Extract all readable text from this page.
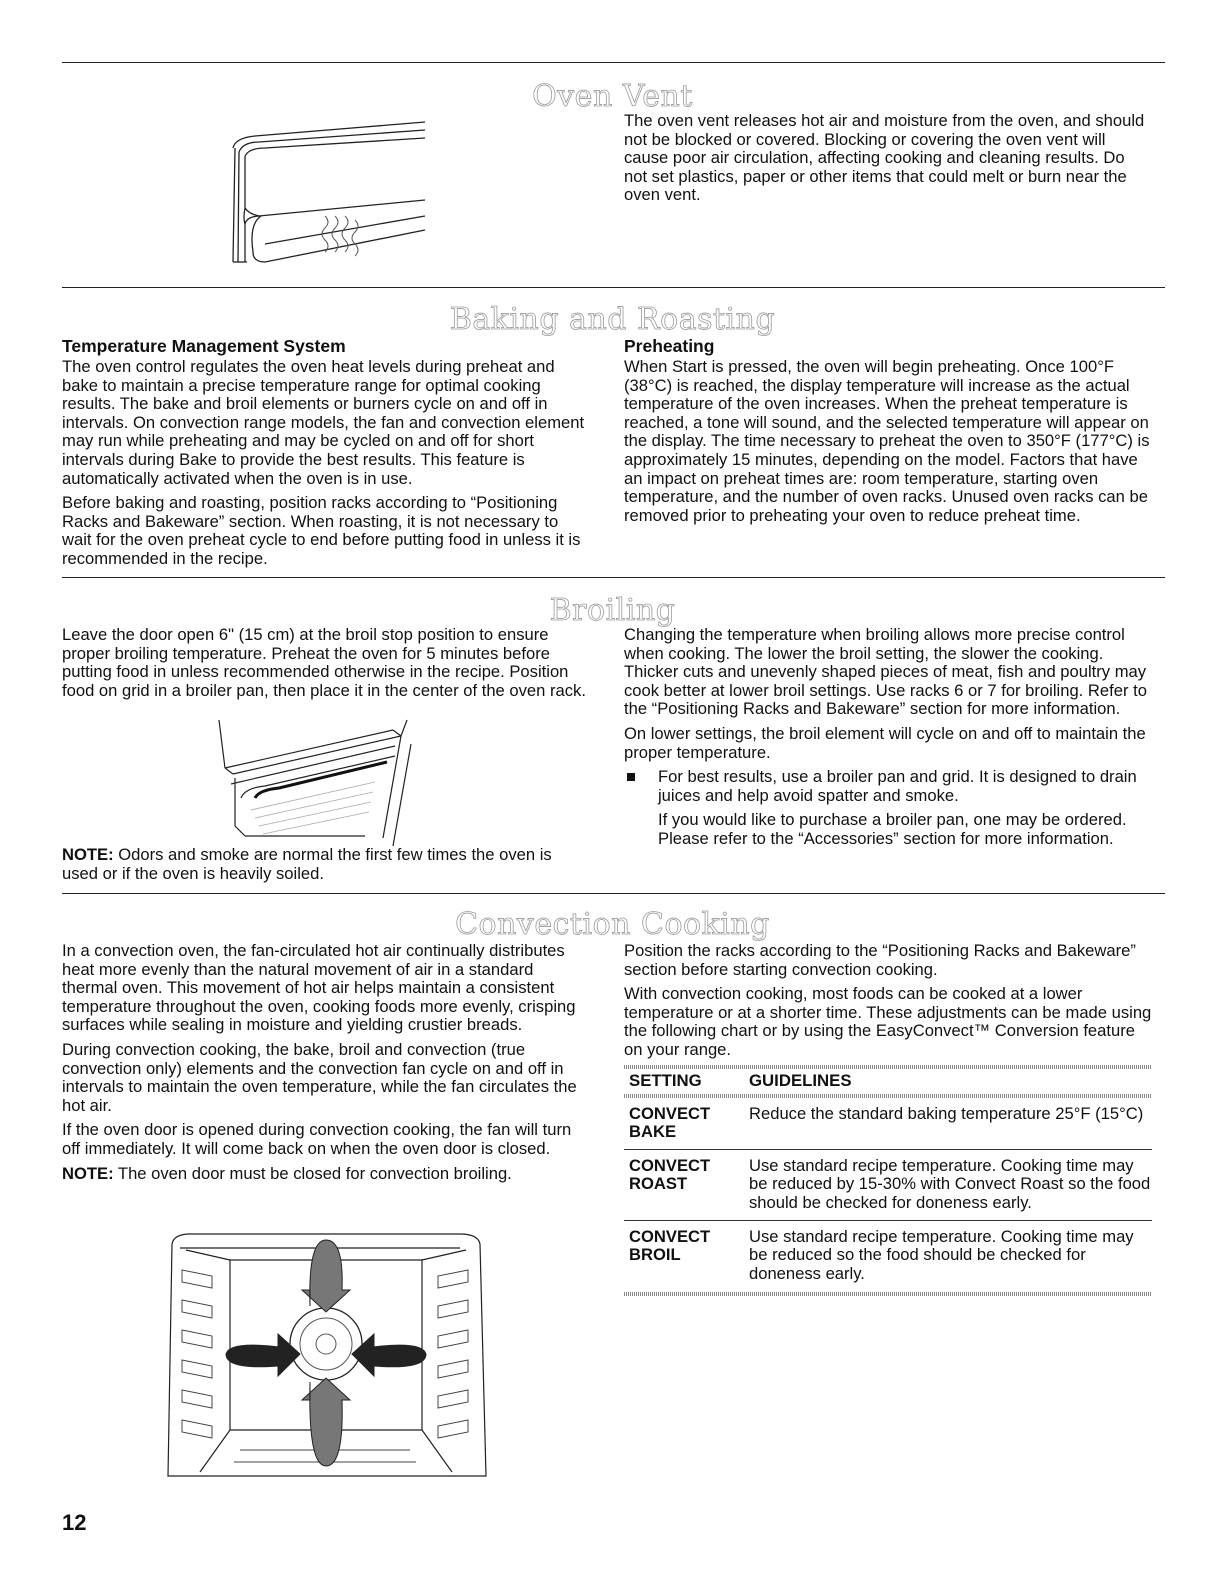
Oven Vent

The oven vent releases hot air and moisture from the oven, and should not be blocked or covered. Blocking or covering the oven vent will cause poor air circulation, affecting cooking and cleaning results. Do not set plastics, paper or other items that could melt or burn near the oven vent.

Baking and Roasting
Temperature Management System

The oven control regulates the oven heat levels during preheat and bake to maintain a precise temperature range for optimal cooking results. The bake and broil elements or burners cycle on and off in intervals. On convection range models, the fan and convection element may run while preheating and may be cycled on and off for short intervals during Bake to provide the best results. This feature is automatically activated when the oven is in use.

Before baking and roasting, position racks according to “Positioning Racks and Bakeware” section. When roasting, it is not necessary to wait for the oven preheat cycle to end before putting food in unless it is recommended in the recipe.

Preheating

When Start is pressed, the oven will begin preheating. Once 100°F (38°C) is reached, the display temperature will increase as the actual temperature of the oven increases. When the preheat temperature is reached, a tone will sound, and the selected temperature will appear on the display. The time necessary to preheat the oven to 350°F (177°C) is approximately 15 minutes, depending on the model. Factors that have an impact on preheat times are: room temperature, starting oven temperature, and the number of oven racks. Unused oven racks can be removed prior to preheating your oven to reduce preheat time.

Broiling

Leave the door open 6" (15 cm) at the broil stop position to ensure proper broiling temperature. Preheat the oven for 5 minutes before putting food in unless recommended otherwise in the recipe. Position food on grid in a broiler pan, then place it in the center of the oven rack.

NOTE: Odors and smoke are normal the first few times the oven is used or if the oven is heavily soiled.

Changing the temperature when broiling allows more precise control when cooking. The lower the broil setting, the slower the cooking. Thicker cuts and unevenly shaped pieces of meat, fish and poultry may cook better at lower broil settings. Use racks 6 or 7 for broiling. Refer to the “Positioning Racks and Bakeware” section for more information.

On lower settings, the broil element will cycle on and off to maintain the proper temperature.

For best results, use a broiler pan and grid. It is designed to drain juices and help avoid spatter and smoke.

If you would like to purchase a broiler pan, one may be ordered. Please refer to the “Accessories” section for more information.

Convection Cooking

In a convection oven, the fan-circulated hot air continually distributes heat more evenly than the natural movement of air in a standard thermal oven. This movement of hot air helps maintain a consistent temperature throughout the oven, cooking foods more evenly, crisping surfaces while sealing in moisture and yielding crustier breads.

During convection cooking, the bake, broil and convection (true convection only) elements and the convection fan cycle on and off in intervals to maintain the oven temperature, while the fan circulates the hot air.

If the oven door is opened during convection cooking, the fan will turn off immediately. It will come back on when the oven door is closed.

NOTE: The oven door must be closed for convection broiling.

Position the racks according to the “Positioning Racks and Bakeware” section before starting convection cooking.

With convection cooking, most foods can be cooked at a lower temperature or at a shorter time. These adjustments can be made using the following chart or by using the EasyConvect™ Conversion feature on your range.

SETTING	GUIDELINES
CONVECT
BAKE
Reduce the standard baking temperature 25°F (15°C)
CONVECT
ROAST
Use standard recipe temperature. Cooking time may be reduced by 15-30% with Convect Roast so the food should be checked for doneness early.
CONVECT
BROIL
Use standard recipe temperature. Cooking time may be reduced so the food should be checked for doneness early.
12
